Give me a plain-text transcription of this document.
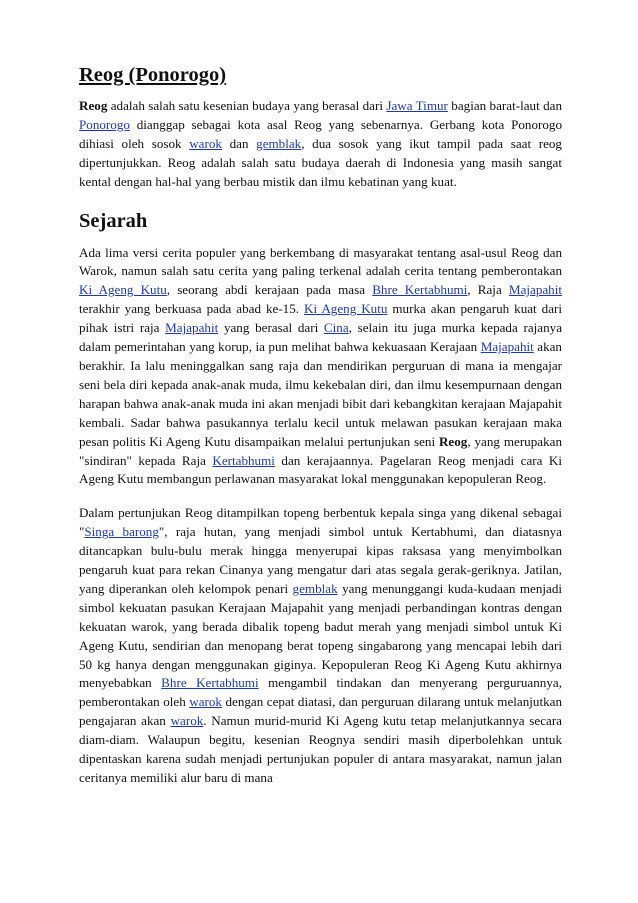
Reog (Ponorogo)

Reog adalah salah satu kesenian budaya yang berasal dari Jawa Timur bagian barat-laut dan Ponorogo dianggap sebagai kota asal Reog yang sebenarnya. Gerbang kota Ponorogo dihiasi oleh sosok warok dan gemblak, dua sosok yang ikut tampil pada saat reog dipertunjukkan. Reog adalah salah satu budaya daerah di Indonesia yang masih sangat kental dengan hal-hal yang berbau mistik dan ilmu kebatinan yang kuat.

Sejarah

Ada lima versi cerita populer yang berkembang di masyarakat tentang asal-usul Reog dan Warok, namun salah satu cerita yang paling terkenal adalah cerita tentang pemberontakan Ki Ageng Kutu, seorang abdi kerajaan pada masa Bhre Kertabhumi, Raja Majapahit terakhir yang berkuasa pada abad ke-15. Ki Ageng Kutu murka akan pengaruh kuat dari pihak istri raja Majapahit yang berasal dari Cina, selain itu juga murka kepada rajanya dalam pemerintahan yang korup, ia pun melihat bahwa kekuasaan Kerajaan Majapahit akan berakhir. Ia lalu meninggalkan sang raja dan mendirikan perguruan di mana ia mengajar seni bela diri kepada anak-anak muda, ilmu kekebalan diri, dan ilmu kesempurnaan dengan harapan bahwa anak-anak muda ini akan menjadi bibit dari kebangkitan kerajaan Majapahit kembali. Sadar bahwa pasukannya terlalu kecil untuk melawan pasukan kerajaan maka pesan politis Ki Ageng Kutu disampaikan melalui pertunjukan seni Reog, yang merupakan "sindiran" kepada Raja Kertabhumi dan kerajaannya. Pagelaran Reog menjadi cara Ki Ageng Kutu membangun perlawanan masyarakat lokal menggunakan kepopuleran Reog.

Dalam pertunjukan Reog ditampilkan topeng berbentuk kepala singa yang dikenal sebagai "Singa barong", raja hutan, yang menjadi simbol untuk Kertabhumi, dan diatasnya ditancapkan bulu-bulu merak hingga menyerupai kipas raksasa yang menyimbolkan pengaruh kuat para rekan Cinanya yang mengatur dari atas segala gerak-geriknya. Jatilan, yang diperankan oleh kelompok penari gemblak yang menunggangi kuda-kudaan menjadi simbol kekuatan pasukan Kerajaan Majapahit yang menjadi perbandingan kontras dengan kekuatan warok, yang berada dibalik topeng badut merah yang menjadi simbol untuk Ki Ageng Kutu, sendirian dan menopang berat topeng singabarong yang mencapai lebih dari 50 kg hanya dengan menggunakan giginya. Kepopuleran Reog Ki Ageng Kutu akhirnya menyebabkan Bhre Kertabhumi mengambil tindakan dan menyerang perguruannya, pemberontakan oleh warok dengan cepat diatasi, dan perguruan dilarang untuk melanjutkan pengajaran akan warok. Namun murid-murid Ki Ageng kutu tetap melanjutkannya secara diam-diam. Walaupun begitu, kesenian Reognya sendiri masih diperbolehkan untuk dipentaskan karena sudah menjadi pertunjukan populer di antara masyarakat, namun jalan ceritanya memiliki alur baru di mana
